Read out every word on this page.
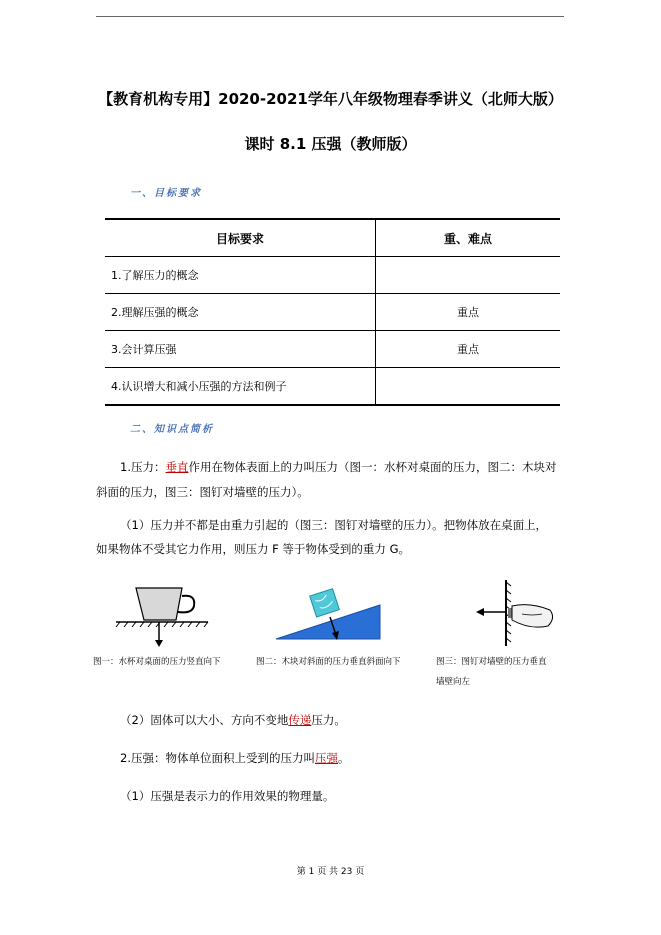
【教育机构专用】2020-2021学年八年级物理春季讲义（北师大版）
课时 8.1 压强（教师版）
一、目标要求
目标要求	重、难点
1.了解压力的概念	
2.理解压强的概念	重点
3.会计算压强	重点
4.认识增大和减小压强的方法和例子	
二、知识点简析
1.压力：垂直作用在物体表面上的力叫压力（图一：水杯对桌面的压力，图二：木块对
斜面的压力，图三：图钉对墙壁的压力）。
（1）压力并不都是由重力引起的（图三：图钉对墙壁的压力）。把物体放在桌面上，
如果物体不受其它力作用，则压力 F 等于物体受到的重力 G。
图一：水杯对桌面的压力竖直向下	图二：木块对斜面的压力垂直斜面向下	图三：图钉对墙壁的压力垂直
墙壁向左
（2）固体可以大小、方向不变地传递压力。
2.压强：物体单位面积上受到的压力叫压强。
（1）压强是表示力的作用效果的物理量。
第 1 页 共 23 页
